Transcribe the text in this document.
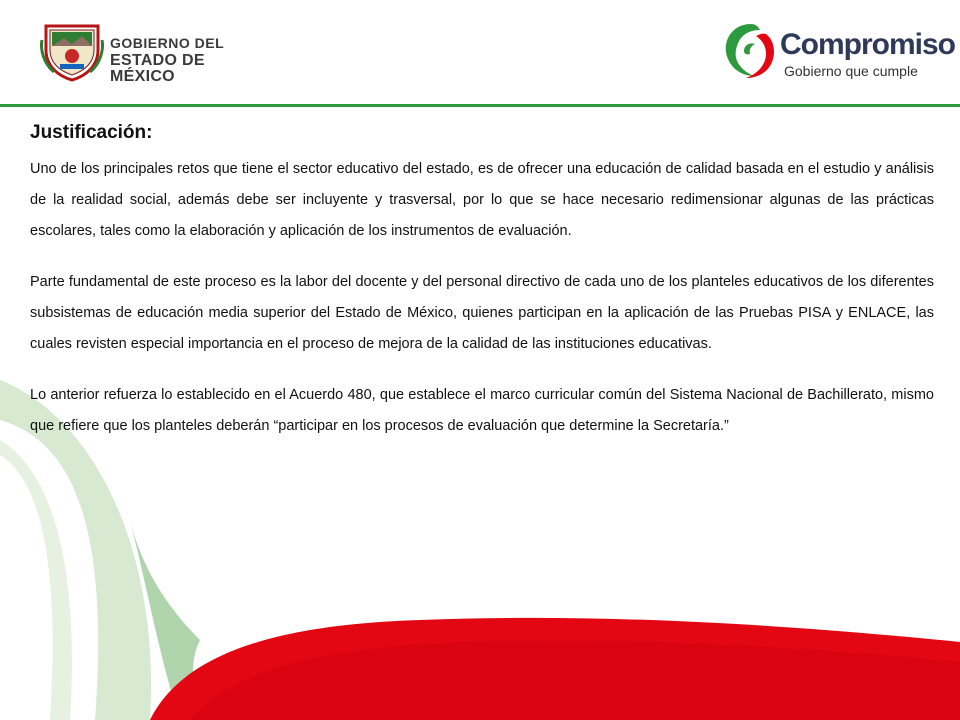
GOBIERNO DEL
ESTADO DE MÉXICO
Compromiso
Gobierno que cumple
Justificación:

Uno de los principales retos que tiene el sector educativo del estado, es de ofrecer una educación de calidad basada en el estudio y análisis de la realidad social, además debe ser incluyente y trasversal, por lo que se hace necesario redimensionar algunas de las prácticas escolares, tales como la elaboración y aplicación de los instrumentos de evaluación.

Parte fundamental de este proceso es la labor del docente y del personal directivo de cada uno de los planteles educativos de los diferentes subsistemas de educación media superior del Estado de México, quienes participan en la aplicación de las Pruebas PISA y ENLACE, las cuales revisten especial importancia en el proceso de mejora de la calidad de las instituciones educativas.

Lo anterior refuerza lo establecido en el Acuerdo 480, que establece el marco curricular común del Sistema Nacional de Bachillerato, mismo que refiere que los planteles deberán “participar en los procesos de evaluación que determine la Secretaría.”
